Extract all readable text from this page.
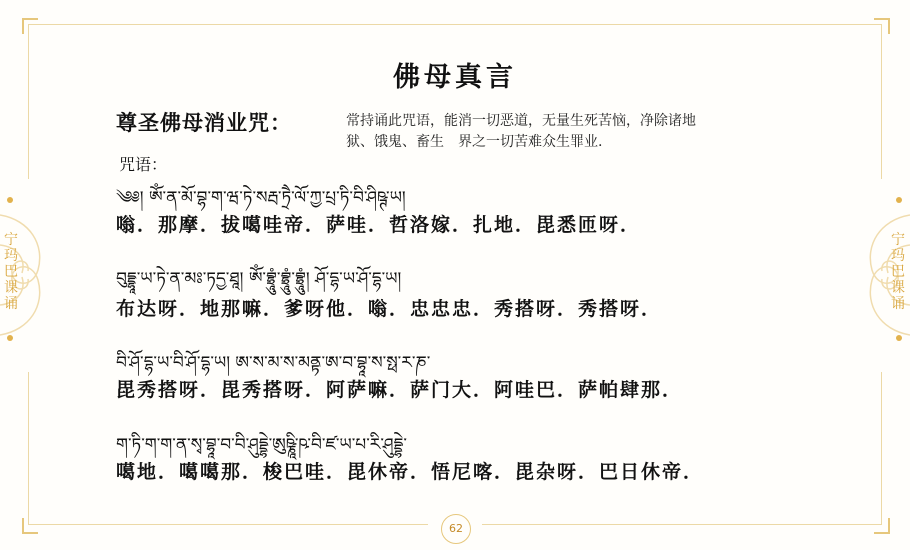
宁玛巴课诵
宁玛巴课诵
佛母真言
尊圣佛母消业咒：	常持诵此咒语，能消一切恶道，无量生死苦恼，净除诸地
狱、饿鬼、畜生　界之一切苦难众生罪业.
咒语：
༄༅། ཨོཾ་ན་མོ་བྷ་ག་ཝ་ཏེ་སརྦ་ཏྲཻ་ལོ་ཀྱ་པྲ་ཏི་བི་ཤིཥྚ་ཡ།
嗡．那摩．拔噶哇帝．萨哇．哲洛嫁．扎地．毘悉匝呀．
བུདྡྷཱ་ཡ་ཏེ་ན་མཿ་ཏདྱ་ཐཱ། ཨོཾ་བྷྲཱུཾ་བྷྲཱུཾ་བྷྲཱུཾ། ཤོ་དྷ་ཡ་ཤོ་དྷ་ཡ།
布达呀．地那嘛．爹呀他．嗡．忠忠忠．秀搭呀．秀搭呀．
བི་ཤོ་དྷ་ཡ་བི་ཤོ་དྷ་ཡ། ཨ་ས་མ་ས་མནྟ་ཨ་བ་བྷཱ་ས་སྥ་ར་ཎ་
毘秀搭呀．毘秀搭呀．阿萨嘛．萨门大．阿哇巴．萨帕肆那．
ག་ཏི་ག་ག་ན་སྭ་བྷཱ་བ་བི་ཤུདྡྷེ་ཨུཥྞཱི་ཥ་བི་ཛ་ཡ་པ་རི་ཤུདྡྷེ་
噶地．噶噶那．梭巴哇．毘休帝．悟尼喀．毘杂呀．巴日休帝．
62
